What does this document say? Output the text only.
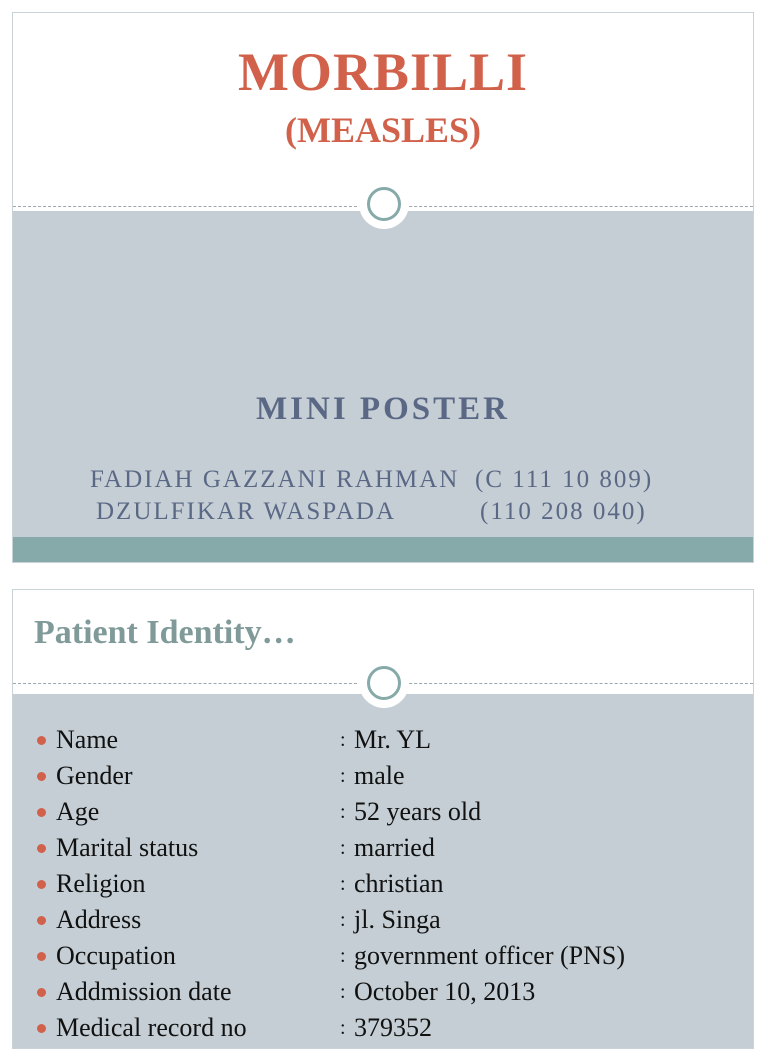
MORBILLI
(MEASLES)
MINI POSTER
FADIAH GAZZANI RAHMAN (C 111 10 809)
DZULFIKAR WASPADA	(110 208 040)
Patient Identity…
Name	: Mr. YL
Gender	: male
Age	: 52 years old
Marital status	: married
Religion	: christian
Address	: jl. Singa
Occupation	: government officer (PNS)
Addmission date	: October 10, 2013
Medical record no	: 379352
